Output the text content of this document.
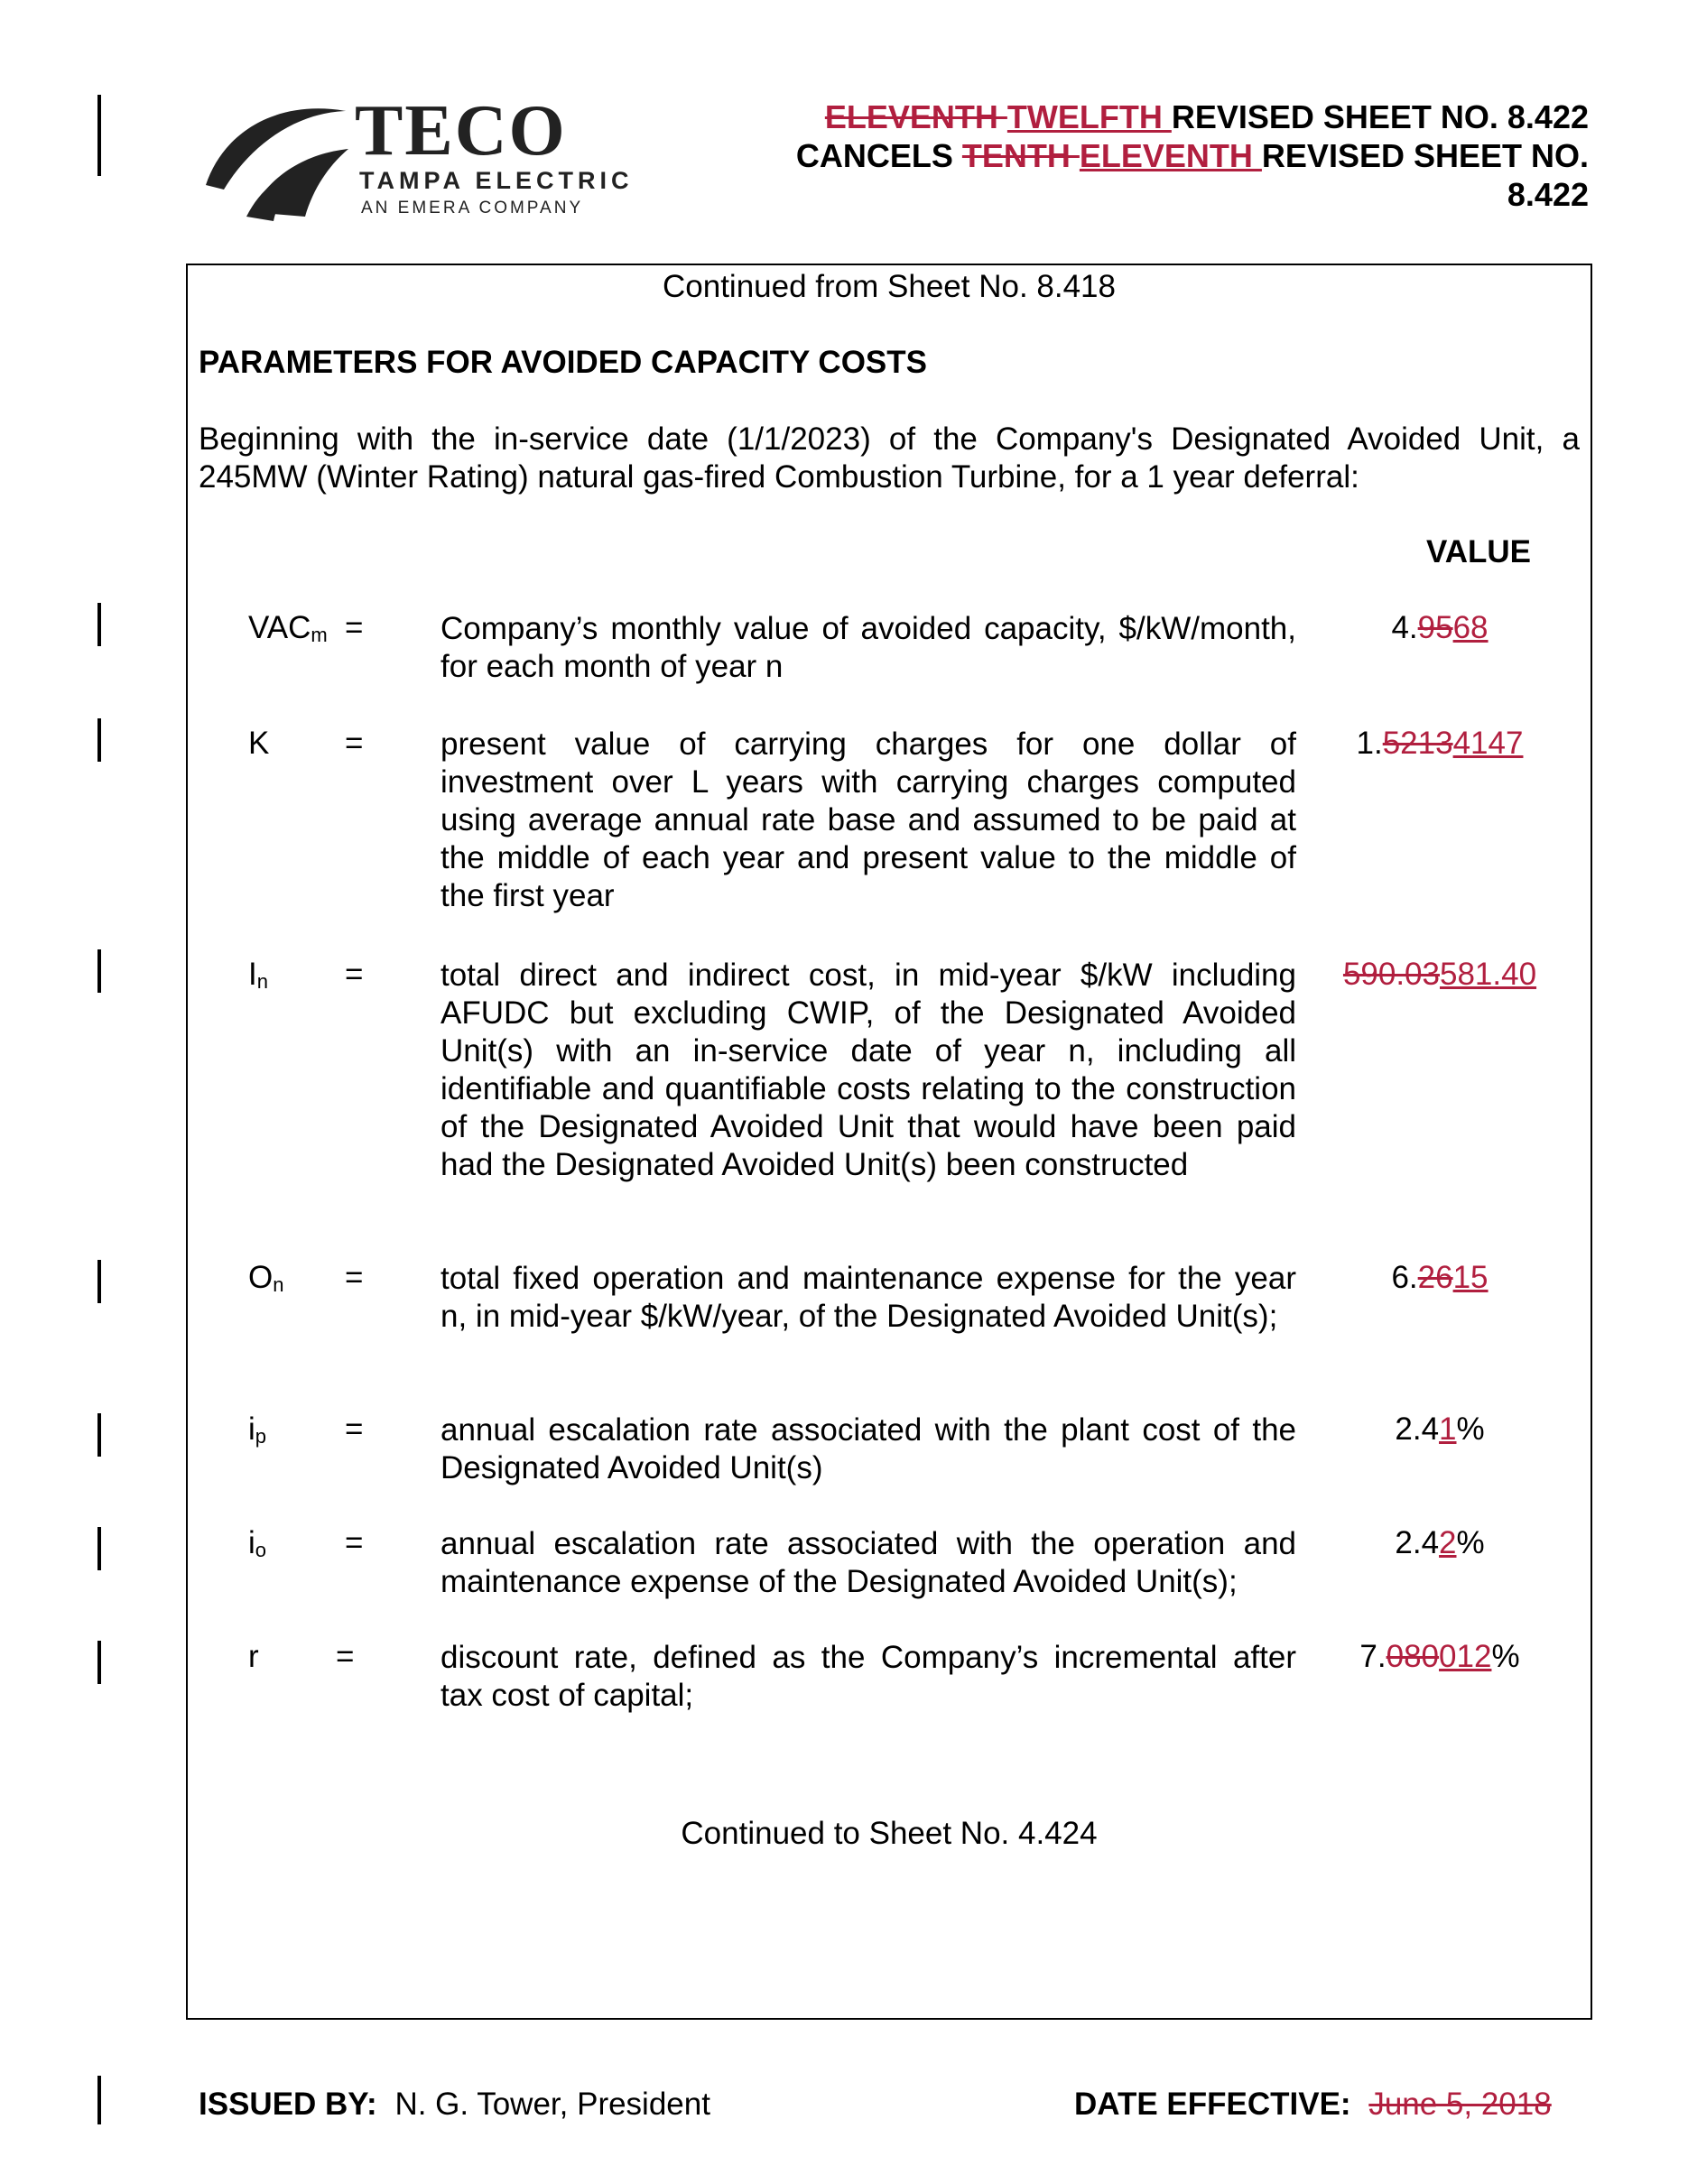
TECO
TAMPA ELECTRIC
AN EMERA COMPANY
ELEVENTH TWELFTH REVISED SHEET NO. 8.422
CANCELS TENTH ELEVENTH REVISED SHEET NO.
8.422
Continued from Sheet No. 8.418
PARAMETERS FOR AVOIDED CAPACITY COSTS
Beginning with the in-service date (1/1/2023) of the Company's Designated Avoided Unit, a 245MW (Winter Rating) natural gas-fired Combustion Turbine, for a 1 year deferral:
VALUE
$VAC_m$ = Company’s monthly value of avoided capacity, $/kW/month, for each month of year n
4.9568
K = present value of carrying charges for one dollar of investment over L years with carrying charges computed using average annual rate base and assumed to be paid at the middle of each year and present value to the middle of the first year
1.52134147
$I_n$ = total direct and indirect cost, in mid-year $/kW including AFUDC but excluding CWIP, of the Designated Avoided Unit(s) with an in-service date of year n, including all identifiable and quantifiable costs relating to the construction of the Designated Avoided Unit that would have been paid had the Designated Avoided Unit(s) been constructed
590.03581.40
$O_n$ = total fixed operation and maintenance expense for the year n, in mid-year $/kW/year, of the Designated Avoided Unit(s);
6.2615
$i_p$ = annual escalation rate associated with the plant cost of the Designated Avoided Unit(s)
2.41%
$i_o$ = annual escalation rate associated with the operation and maintenance expense of the Designated Avoided Unit(s);
2.42%
r =	discount rate, defined as the Company’s incremental after tax cost of capital;
7.080012%
Continued to Sheet No. 4.424
ISSUED BY: N. G. Tower, President	DATE EFFECTIVE: June 5, 2018
